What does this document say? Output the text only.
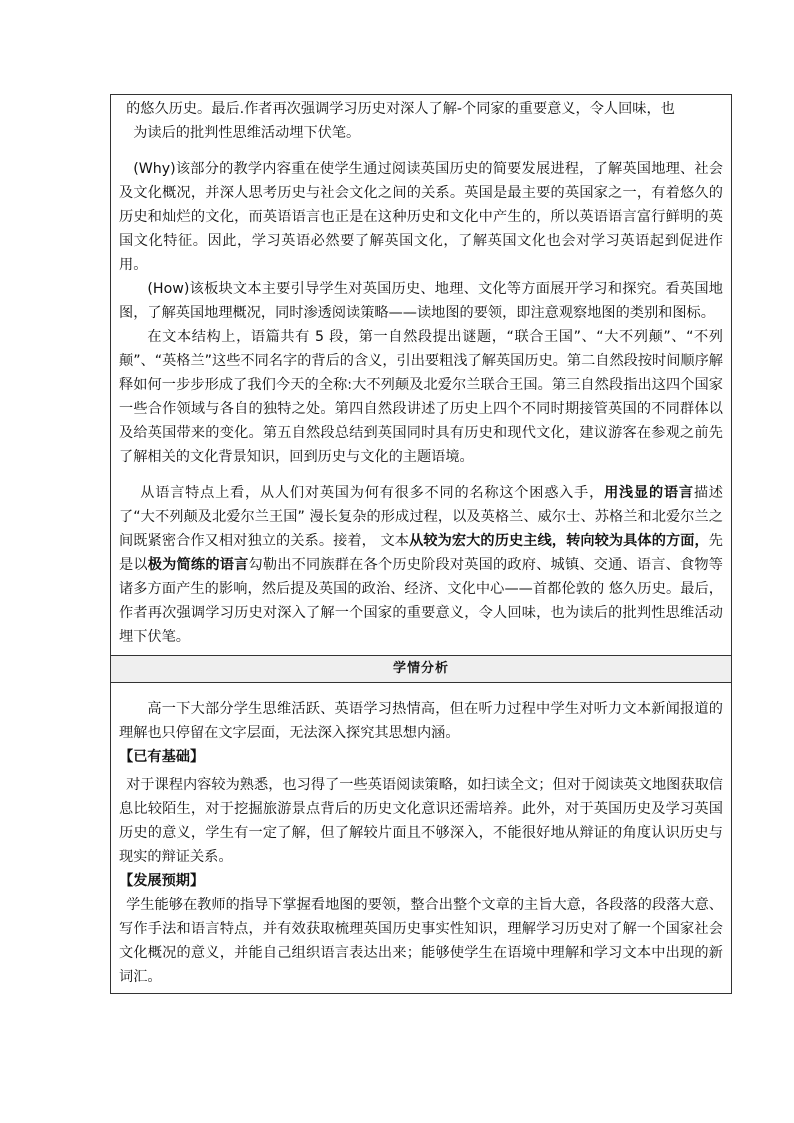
的悠久历史。最后.作者再次强调学习历史对深人了解-个同家的重要意义，令人回味，也

为读后的批判性思维活动埋下伏笔。

(Why)该部分的教学内容重在使学生通过阅读英国历史的简要发展进程，了解英国地理、社会及文化概况，并深人思考历史与社会文化之间的关系。英国是最主要的英国家之一，有着悠久的历史和灿烂的文化，而英语语言也正是在这种历史和文化中产生的，所以英语语言富行鲜明的英国文化特征。因此，学习英语必然要了解英国文化，了解英国文化也会对学习英语起到促进作用。

(How)该板块文本主要引导学生对英国历史、地理、文化等方面展开学习和探究。看英国地图，了解英国地理概况，同时渗透阅读策略——读地图的要领，即注意观察地图的类别和图标。

在文本结构上，语篇共有 5 段，第一自然段提出谜题，“联合王国”、“大不列颠”、“不列颠”、“英格兰”这些不同名字的背后的含义，引出要粗浅了解英国历史。第二自然段按时间顺序解释如何一步步形成了我们今天的全称:大不列颠及北爱尔兰联合王国。第三自然段指出这四个国家一些合作领域与各自的独特之处。第四自然段讲述了历史上四个不同时期接管英国的不同群体以及给英国带来的变化。第五自然段总结到英国同时具有历史和现代文化，建议游客在参观之前先了解相关的文化背景知识，回到历史与文化的主题语境。

从语言特点上看，从人们对英国为何有很多不同的名称这个困惑入手，用浅显的语言描述了“大不列颠及北爱尔兰王国” 漫长复杂的形成过程，以及英格兰、威尔士、苏格兰和北爱尔兰之间既紧密合作又相对独立的关系。接着， 文本从较为宏大的历史主线，转向较为具体的方面，先是以极为简练的语言勾勒出不同族群在各个历史阶段对英国的政府、城镇、交通、语言、食物等诸多方面产生的影响，然后提及英国的政治、经济、文化中心——首都伦敦的 悠久历史。最后，作者再次强调学习历史对深入了解一个国家的重要意义，令人回味，也为读后的批判性思维活动埋下伏笔。

学情分析

高一下大部分学生思维活跃、英语学习热情高，但在听力过程中学生对听力文本新闻报道的理解也只停留在文字层面，无法深入探究其思想内涵。

【已有基础】

对于课程内容较为熟悉，也习得了一些英语阅读策略，如扫读全文；但对于阅读英文地图获取信息比较陌生，对于挖掘旅游景点背后的历史文化意识还需培养。此外，对于英国历史及学习英国历史的意义，学生有一定了解，但了解较片面且不够深入，不能很好地从辩证的角度认识历史与现实的辩证关系。

【发展预期】

学生能够在教师的指导下掌握看地图的要领，整合出整个文章的主旨大意，各段落的段落大意、写作手法和语言特点，并有效获取梳理英国历史事实性知识，理解学习历史对了解一个国家社会文化概况的意义，并能自己组织语言表达出来；能够使学生在语境中理解和学习文本中出现的新词汇。
